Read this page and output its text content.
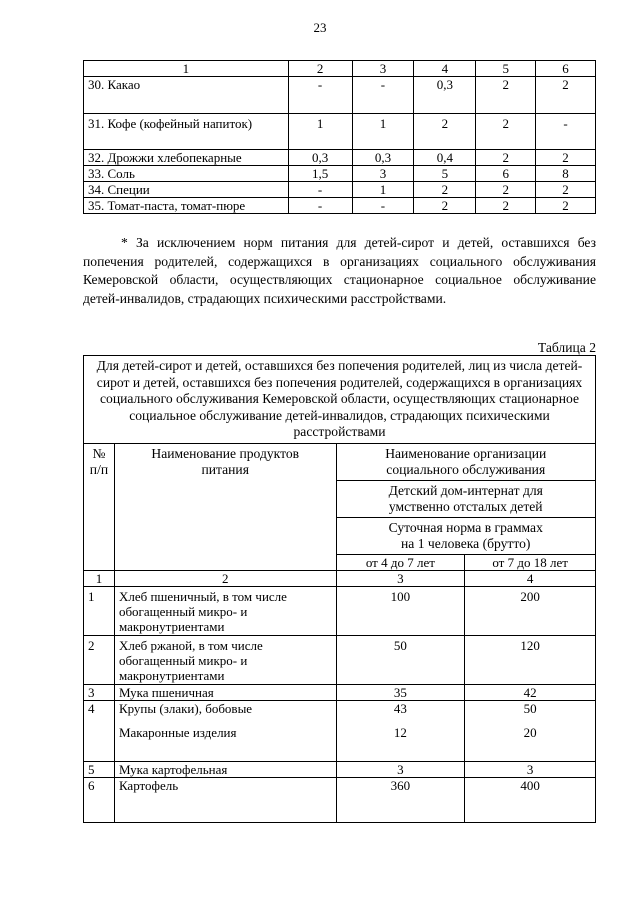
23
1	2	3	4	5	6
30. Какао	-	-	0,3	2	2
31. Кофе (кофейный напиток)	1	1	2	2	-
32. Дрожжи хлебопекарные	0,3	0,3	0,4	2	2
33. Соль	1,5	3	5	6	8
34. Специи	-	1	2	2	2
35. Томат-паста, томат-пюре	-	-	2	2	2

* За исключением норм питания для детей-сирот и детей, оставшихся без попечения родителей, содержащихся в организациях социального обслуживания Кемеровской области, осуществляющих стационарное социальное обслуживание детей-инвалидов, страдающих психическими расстройствами.

Таблица 2
Для детей-сирот и детей, оставшихся без попечения родителей, лиц из числа детей-сирот и детей, оставшихся без попечения родителей, содержащихся в организациях социального обслуживания Кемеровской области, осуществляющих стационарное социальное обслуживание детей-инвалидов, страдающих психическими расстройствами			
№ п/п	Наименование продуктов питания	Наименование организации социального обслуживания	
		Детский дом-интернат для умственно отсталых детей	
		Суточная норма в граммах на 1 человека (брутто)	
		от 4 до 7 лет	от 7 до 18 лет
1	2	3	4
1	Хлеб пшеничный, в том числе обогащенный микро- и макронутриентами	100	200
2	Хлеб ржаной, в том числе обогащенный микро- и макронутриентами	50	120
3	Мука пшеничная	35	42
4	Крупы (злаки), бобовые	43	50
	Макаронные изделия	12	20
5	Мука картофельная	3	3
6	Картофель	360	400
